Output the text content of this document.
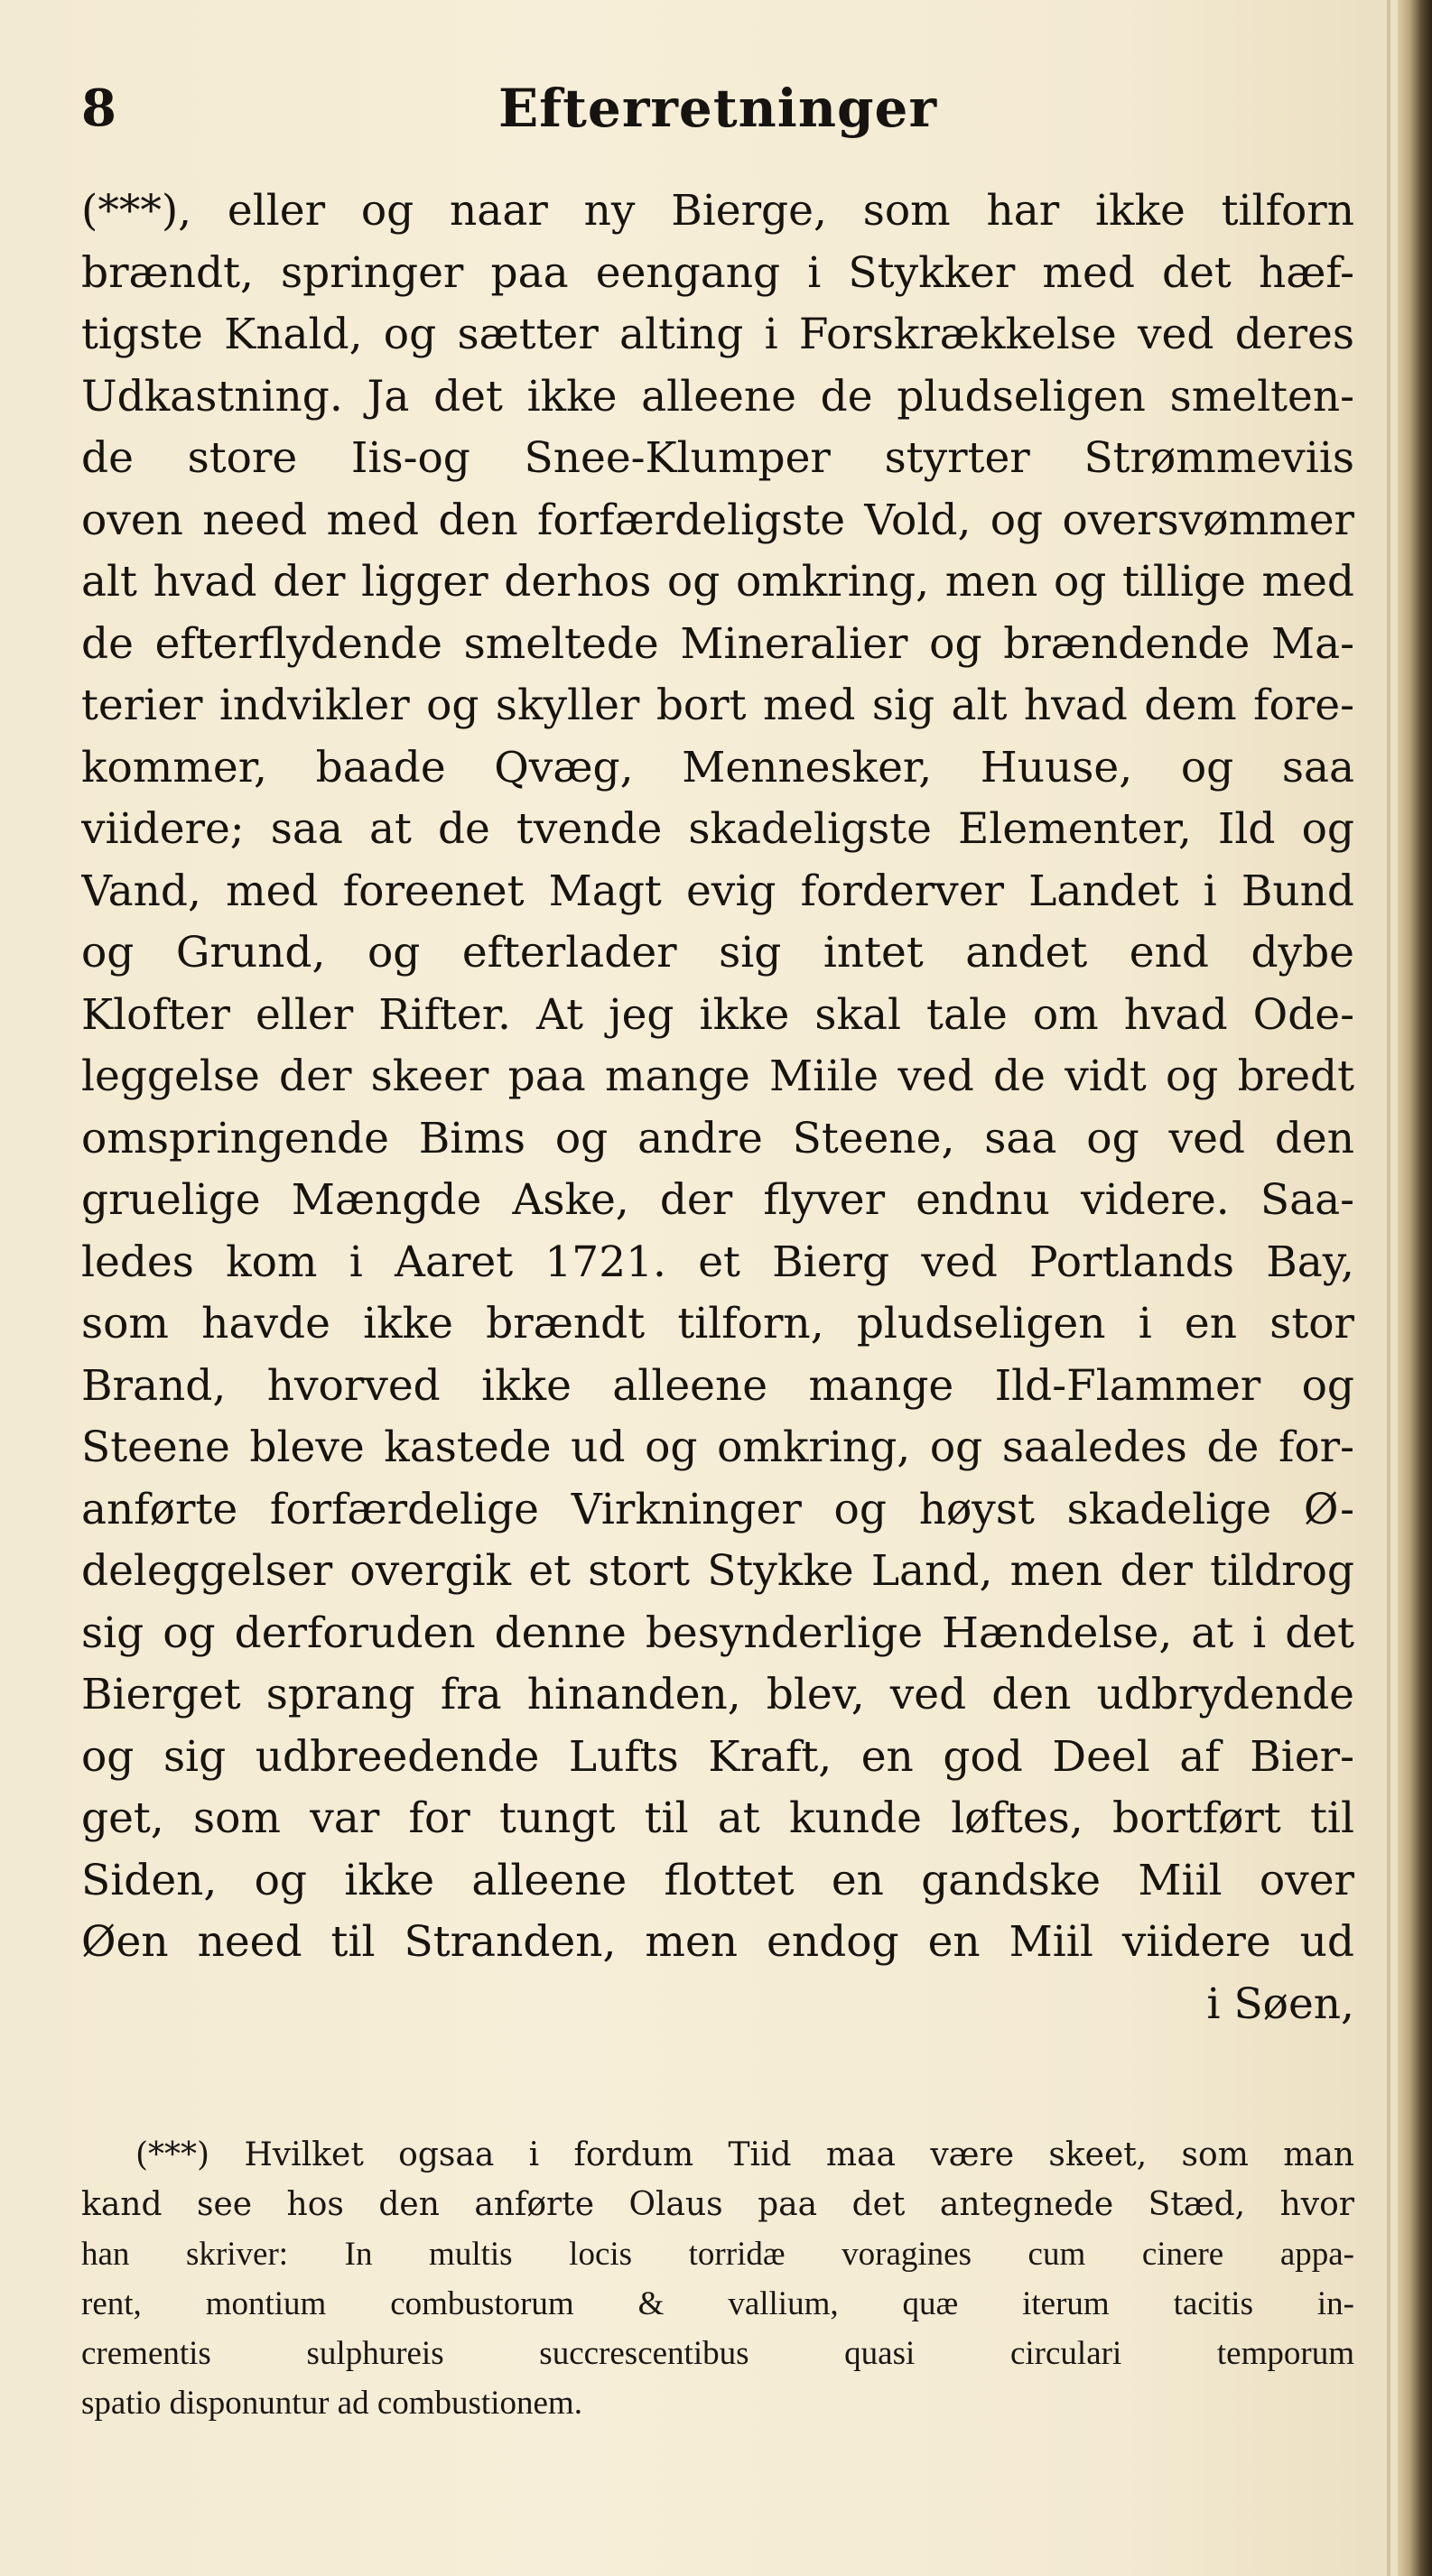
8	Efterretninger
(***), eller og naar ny Bierge, som har ikke tilforn
brændt, springer paa eengang i Stykker med det hæf-
tigste Knald, og sætter alting i Forskrækkelse ved deres
Udkastning. Ja det ikke alleene de pludseligen smelten-
de store Iis-og Snee-Klumper styrter Strømmeviis
oven need med den forfærdeligste Vold, og oversvømmer
alt hvad der ligger derhos og omkring, men og tillige med
de efterflydende smeltede Mineralier og brændende Ma-
terier indvikler og skyller bort med sig alt hvad dem fore-
kommer, baade Qvæg, Mennesker, Huuse, og saa
viidere; saa at de tvende skadeligste Elementer, Ild og
Vand, med foreenet Magt evig forderver Landet i Bund
og Grund, og efterlader sig intet andet end dybe
Klofter eller Rifter. At jeg ikke skal tale om hvad Ode-
leggelse der skeer paa mange Miile ved de vidt og bredt
omspringende Bims og andre Steene, saa og ved den
gruelige Mængde Aske, der flyver endnu videre. Saa-
ledes kom i Aaret 1721. et Bierg ved Portlands Bay,
som havde ikke brændt tilforn, pludseligen i en stor
Brand, hvorved ikke alleene mange Ild-Flammer og
Steene bleve kastede ud og omkring, og saaledes de for-
anførte forfærdelige Virkninger og høyst skadelige Ø-
deleggelser overgik et stort Stykke Land, men der tildrog
sig og derforuden denne besynderlige Hændelse, at i det
Bierget sprang fra hinanden, blev, ved den udbrydende
og sig udbreedende Lufts Kraft, en god Deel af Bier-
get, som var for tungt til at kunde løftes, bortført til
Siden, og ikke alleene flottet en gandske Miil over
Øen need til Stranden, men endog en Miil viidere ud
i Søen,
(***) Hvilket ogsaa i fordum Tiid maa være skeet, som man
kand see hos den anførte Olaus paa det antegnede Stæd, hvor
han skriver: In multis locis torridæ voragines cum cinere appa-
rent, montium combustorum & vallium, quæ iterum tacitis in-
crementis sulphureis succrescentibus quasi circulari temporum
spatio disponuntur ad combustionem.
